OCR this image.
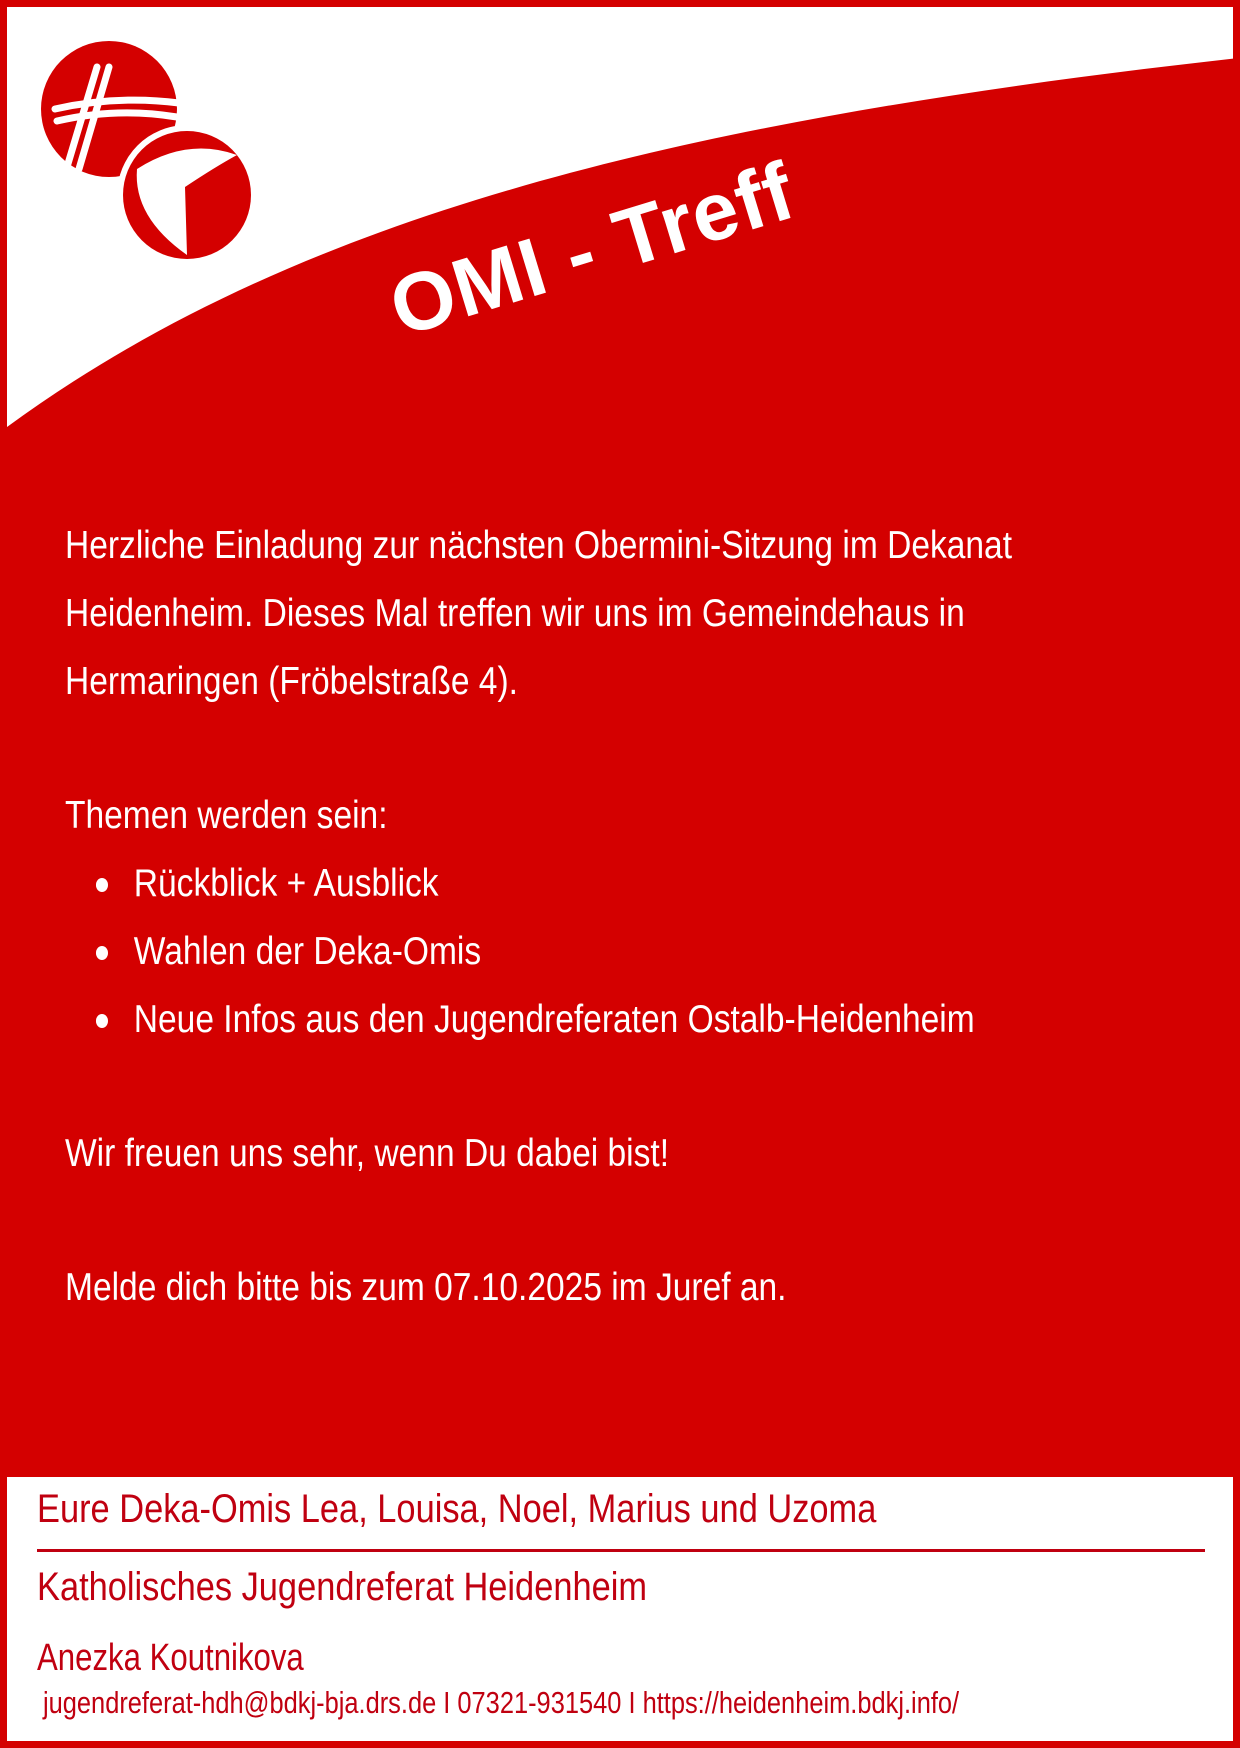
OMI - Treff

Herzliche Einladung zur nächsten Obermini-Sitzung im Dekanat Heidenheim. Dieses Mal treffen wir uns im Gemeindehaus in Hermaringen (Fröbelstraße 4).

Themen werden sein:

Rückblick + Ausblick
Wahlen der Deka-Omis
Neue Infos aus den Jugendreferaten Ostalb-Heidenheim

Wir freuen uns sehr, wenn Du dabei bist!

Melde dich bitte bis zum 07.10.2025 im Juref an.

Eure Deka-Omis Lea, Louisa, Noel, Marius und Uzoma
Katholisches Jugendreferat Heidenheim
Anezka Koutnikova
jugendreferat-hdh@bdkj-bja.drs.de I 07321-931540 I https://heidenheim.bdkj.info/
